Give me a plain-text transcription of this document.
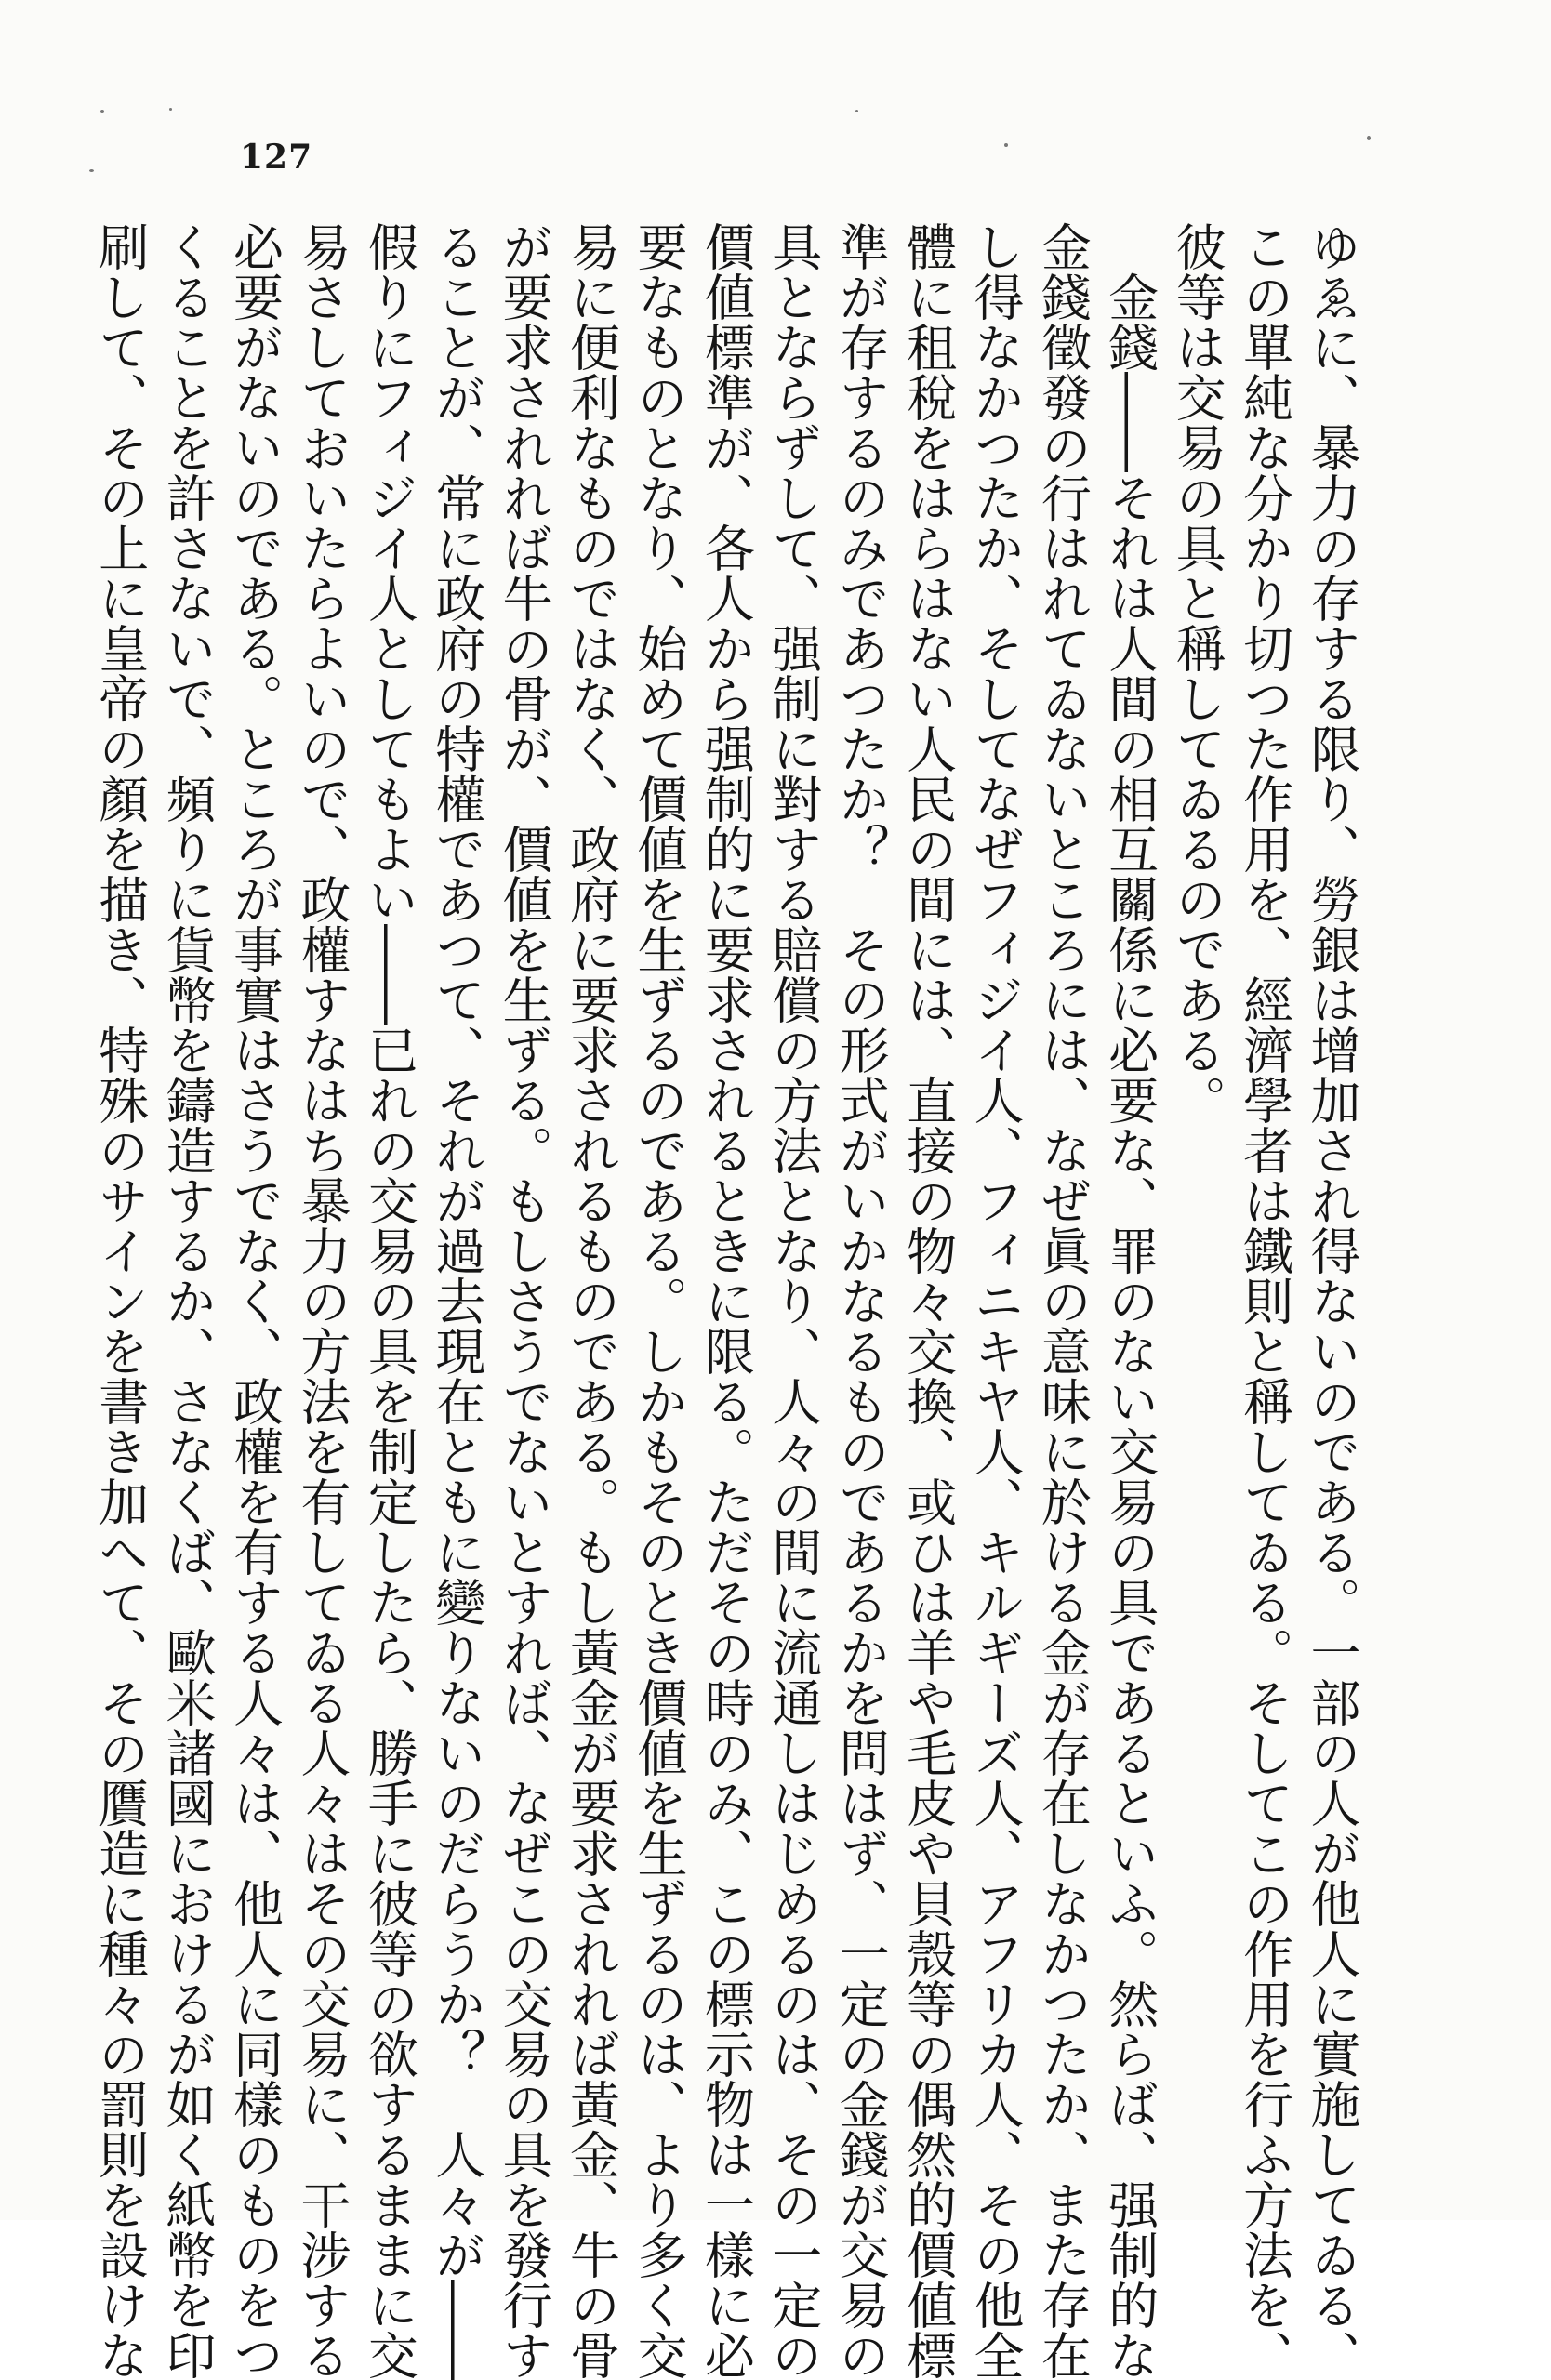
127
ゆゑに、暴力の存する限り、勞銀は增加され得ないのである。一部の人が他人に實施してゐる、
この單純な分かり切つた作用を、經濟學者は鐵則と稱してゐる。そしてこの作用を行ふ方法を、
彼等は交易の具と稱してゐるのである。
　金錢――それは人間の相互關係に必要な、罪のない交易の具であるといふ。然らば、强制的な
金錢徵發の行はれてゐないところには、なぜ眞の意味に於ける金が存在しなかつたか、また存在
し得なかつたか、そしてなぜフィジイ人、フィニキヤ人、キルギーズ人、アフリカ人、その他全
體に租稅をはらはない人民の間には、直接の物々交換、或ひは羊や毛皮や貝殼等の偶然的價値標
準が存するのみであつたか？　その形式がいかなるものであるかを問はず、一定の金錢が交易の
具とならずして、强制に對する賠償の方法となり、人々の間に流通しはじめるのは、その一定の
價値標準が、各人から强制的に要求されるときに限る。ただその時のみ、この標示物は一樣に必
要なものとなり、始めて價値を生ずるのである。しかもそのとき價値を生ずるのは、より多く交
易に便利なものではなく、政府に要求されるものである。もし黃金が要求されれば黃金、牛の骨
が要求されれば牛の骨が、價値を生ずる。もしさうでないとすれば、なぜこの交易の具を發行す
ることが、常に政府の特權であつて、それが過去現在ともに變りないのだらうか？　人々が――
假りにフィジイ人としてもよい――已れの交易の具を制定したら、勝手に彼等の欲するままに交
易さしておいたらよいので、政權すなはち暴力の方法を有してゐる人々はその交易に、干涉する
必要がないのである。ところが事實はさうでなく、政權を有する人々は、他人に同樣のものをつ
くることを許さないで、頻りに貨幣を鑄造するか、さなくば、歐米諸國におけるが如く紙幣を印
刷して、その上に皇帝の顏を描き、特殊のサインを書き加へて、その贋造に種々の罰則を設けな
